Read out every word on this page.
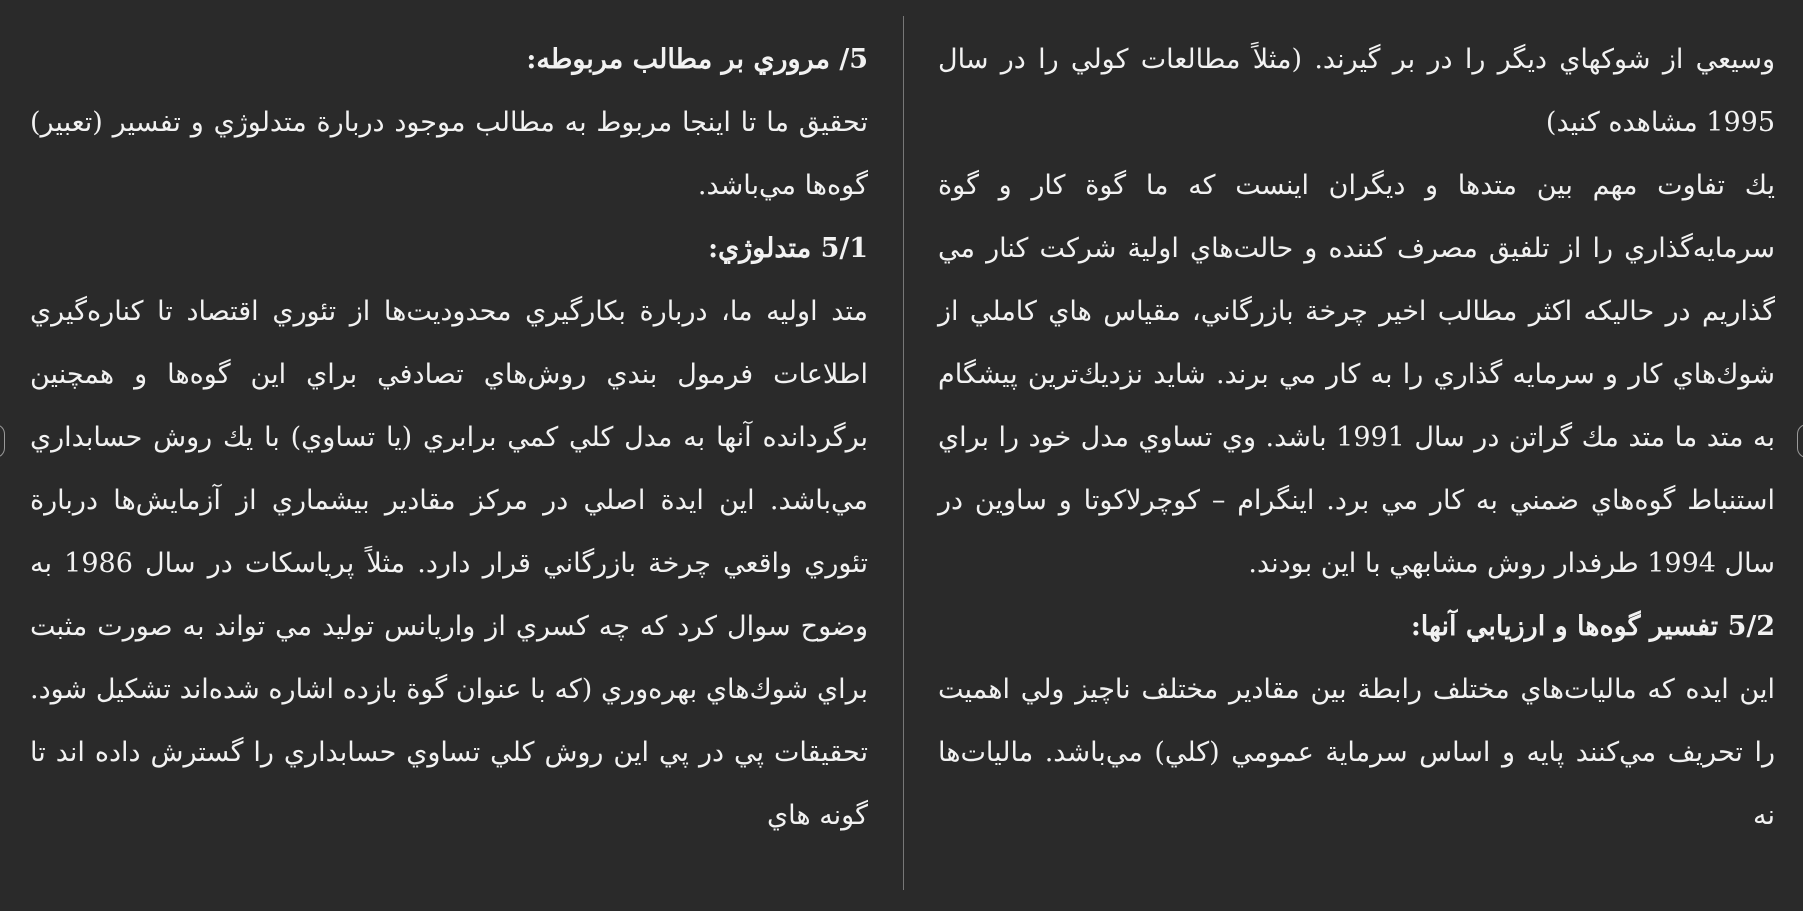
5/ مروري بر مطالب مربوطه:

تحقيق ما تا اينجا مربوط به مطالب موجود دربارة متدلوژي و تفسير (تعبير) گوه‌ها مي‌باشد.

5/1 متدلوژي:

متد اوليه ما، دربارة بكارگيري محدوديت‌ها از تئوري اقتصاد تا كناره‌گيري اطلاعات فرمول بندي روش‌هاي تصادفي براي اين گوه‌ها و همچنين برگردانده آنها به مدل كلي كمي برابري (يا تساوي) با يك روش حسابداري مي‌باشد. اين ايدة اصلي در مركز مقادير بيشماري از آزمايش‌ها دربارة تئوري واقعي چرخة بازرگاني قرار دارد. مثلاً پرياسكات در سال 1986 به وضوح سوال كرد كه چه كسري از واريانس توليد مي تواند به صورت مثبت براي شوك‌هاي بهره‌وري (كه با عنوان گوة بازده اشاره شده‌اند تشكيل شود. تحقيقات پي در پي اين روش كلي تساوي حسابداري را گسترش داده اند تا گونه هاي

وسيعي از شوكهاي ديگر را در بر گيرند. (مثلاً مطالعات كولي را در سال 1995 مشاهده كنيد)

يك تفاوت مهم بين متدها و ديگران اينست كه ما گوة كار و گوة سرمايه‌گذاري را از تلفيق مصرف كننده و حالت‌هاي اولية شركت كنار مي گذاريم در حاليكه اكثر مطالب اخير چرخة بازرگاني، مقياس هاي كاملي از شوك‌هاي كار و سرمايه گذاري را به كار مي برند. شايد نزديك‌ترين پيشگام به متد ما متد مك گراتن در سال 1991 باشد. وي تساوي مدل خود را براي استنباط گوه‌هاي ضمني به كار مي برد. اينگرام – كوچرلاكوتا و ساوين در سال 1994 طرفدار روش مشابهي با اين بودند.

5/2 تفسير گوه‌ها و ارزيابي آنها:

اين ايده كه ماليات‌هاي مختلف رابطة بين مقادير مختلف ناچيز ولي اهميت را تحريف مي‌كنند پايه و اساس سرماية عمومي (كلي) مي‌باشد. ماليات‌ها نه
